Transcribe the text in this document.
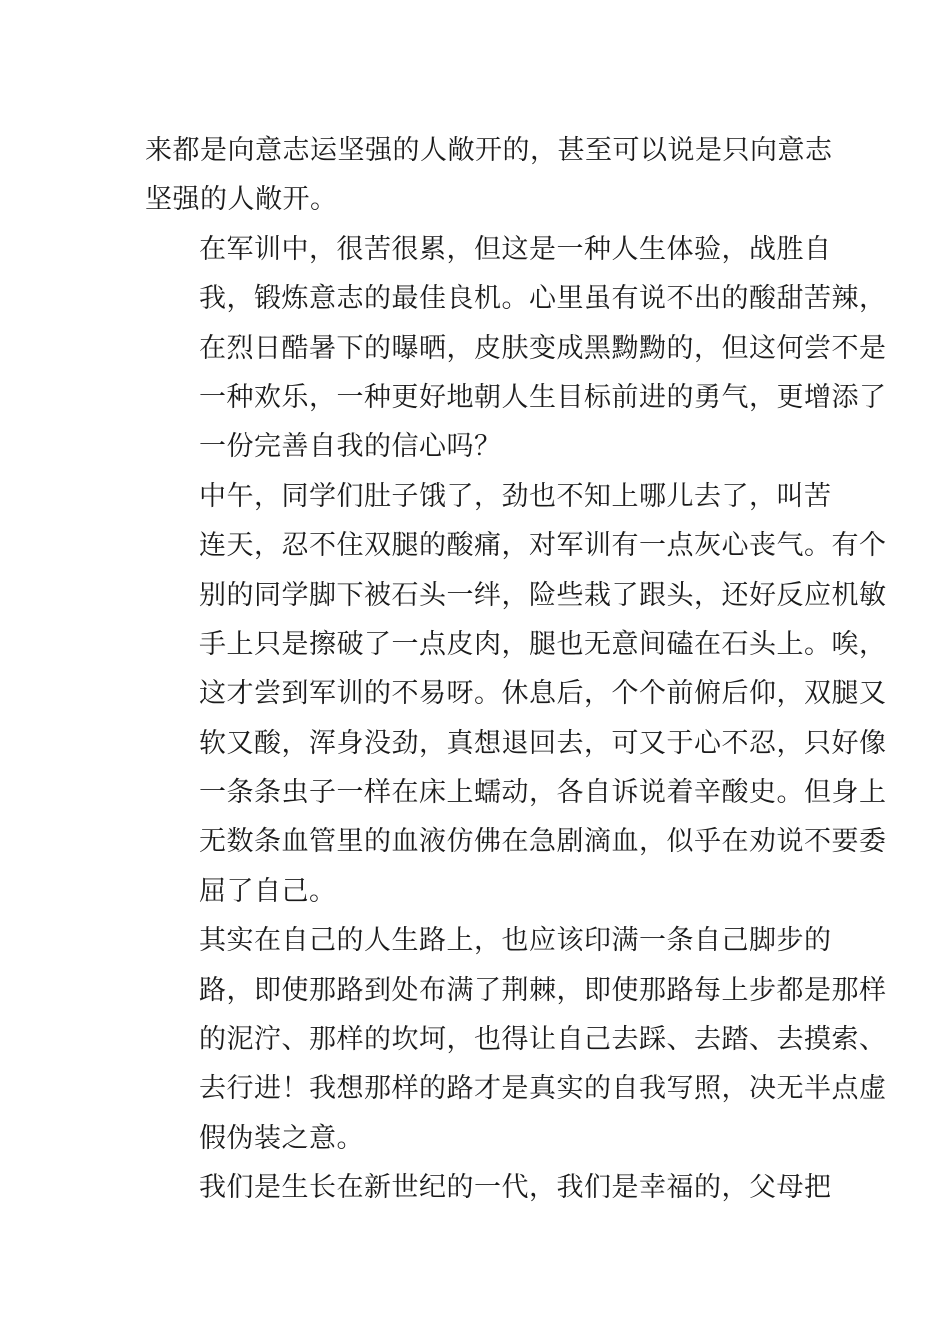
来都是向意志运坚强的人敞开的，甚至可以说是只向意志
坚强的人敞开。

在军训中，很苦很累，但这是一种人生体验，战胜自
我，锻炼意志的最佳良机。心里虽有说不出的酸甜苦辣，
在烈日酷暑下的曝晒，皮肤变成黑黝黝的，但这何尝不是
一种欢乐，一种更好地朝人生目标前进的勇气，更增添了
一份完善自我的信心吗？

中午，同学们肚子饿了，劲也不知上哪儿去了，叫苦
连天，忍不住双腿的酸痛，对军训有一点灰心丧气。有个
别的同学脚下被石头一绊，险些栽了跟头，还好反应机敏
手上只是擦破了一点皮肉，腿也无意间磕在石头上。唉，
这才尝到军训的不易呀。休息后，个个前俯后仰，双腿又
软又酸，浑身没劲，真想退回去，可又于心不忍，只好像
一条条虫子一样在床上蠕动，各自诉说着辛酸史。但身上
无数条血管里的血液仿佛在急剧滴血，似乎在劝说不要委
屈了自己。

其实在自己的人生路上，也应该印满一条自己脚步的
路，即使那路到处布满了荆棘，即使那路每上步都是那样
的泥泞、那样的坎坷，也得让自己去踩、去踏、去摸索、
去行进！我想那样的路才是真实的自我写照，决无半点虚
假伪装之意。

我们是生长在新世纪的一代，我们是幸福的，父母把
